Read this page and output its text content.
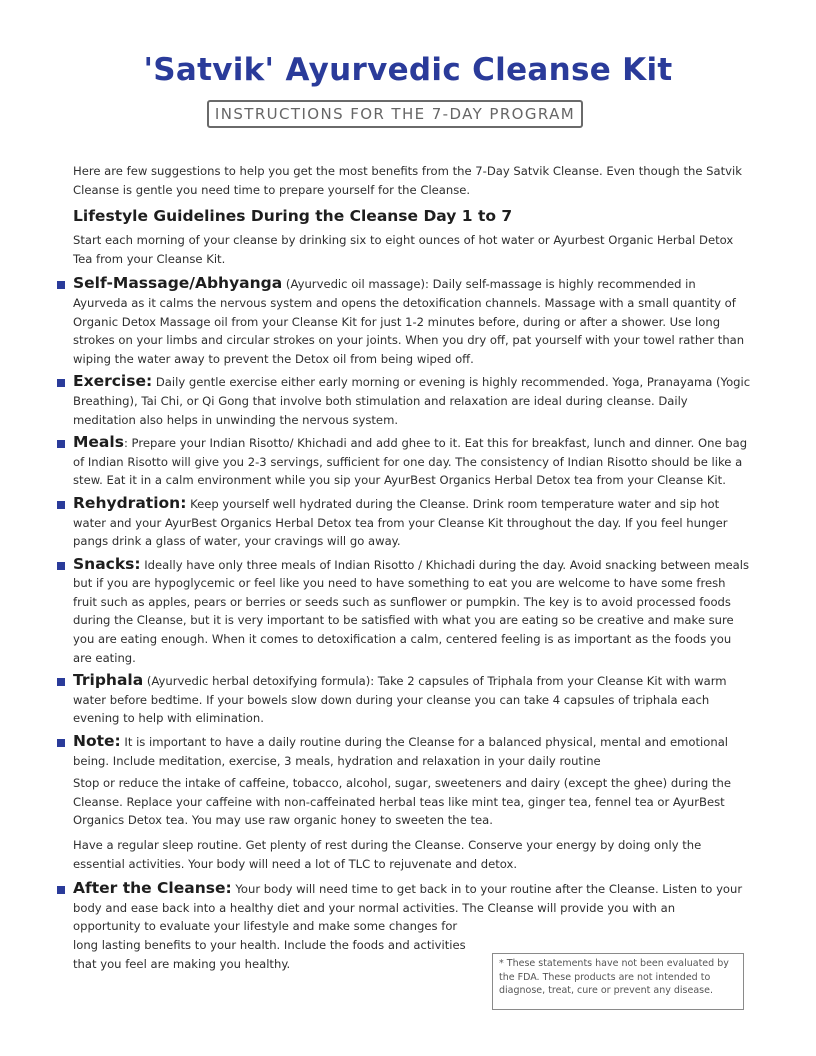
'Satvik' Ayurvedic Cleanse Kit
INSTRUCTIONS FOR THE 7-DAY PROGRAM

Here are few suggestions to help you get the most benefits from the 7-Day Satvik Cleanse. Even though the Satvik Cleanse is gentle you need time to prepare yourself for the Cleanse.

Lifestyle Guidelines During the Cleanse Day 1 to 7

Start each morning of your cleanse by drinking six to eight ounces of hot water or Ayurbest Organic Herbal Detox Tea from your Cleanse Kit.

Self-Massage/Abhyanga (Ayurvedic oil massage): Daily self-massage is highly recommended in Ayurveda as it calms the nervous system and opens the detoxification channels. Massage with a small quantity of Organic Detox Massage oil from your Cleanse Kit for just 1-2 minutes before, during or after a shower. Use long strokes on your limbs and circular strokes on your joints. When you dry off, pat yourself with your towel rather than wiping the water away to prevent the Detox oil from being wiped off.
Exercise: Daily gentle exercise either early morning or evening is highly recommended. Yoga, Pranayama (Yogic Breathing), Tai Chi, or Qi Gong that involve both stimulation and relaxation are ideal during cleanse. Daily meditation also helps in unwinding the nervous system.
Meals: Prepare your Indian Risotto/ Khichadi and add ghee to it. Eat this for breakfast, lunch and dinner. One bag of Indian Risotto will give you 2-3 servings, sufficient for one day. The consistency of Indian Risotto should be like a stew. Eat it in a calm environment while you sip your AyurBest Organics Herbal Detox tea from your Cleanse Kit.
Rehydration: Keep yourself well hydrated during the Cleanse. Drink room temperature water and sip hot water and your AyurBest Organics Herbal Detox tea from your Cleanse Kit throughout the day. If you feel hunger pangs drink a glass of water, your cravings will go away.
Snacks: Ideally have only three meals of Indian Risotto / Khichadi during the day. Avoid snacking between meals but if you are hypoglycemic or feel like you need to have something to eat you are welcome to have some fresh fruit such as apples, pears or berries or seeds such as sunflower or pumpkin. The key is to avoid processed foods during the Cleanse, but it is very important to be satisfied with what you are eating so be creative and make sure you are eating enough. When it comes to detoxification a calm, centered feeling is as important as the foods you are eating.
Triphala (Ayurvedic herbal detoxifying formula): Take 2 capsules of Triphala from your Cleanse Kit with warm water before bedtime. If your bowels slow down during your cleanse you can take 4 capsules of triphala each evening to help with elimination.
Note: It is important to have a daily routine during the Cleanse for a balanced physical, mental and emotional being. Include meditation, exercise, 3 meals, hydration and relaxation in your daily routine

Stop or reduce the intake of caffeine, tobacco, alcohol, sugar, sweeteners and dairy (except the ghee) during the Cleanse. Replace your caffeine with non-caffeinated herbal teas like mint tea, ginger tea, fennel tea or AyurBest Organics Detox tea. You may use raw organic honey to sweeten the tea.

Have a regular sleep routine. Get plenty of rest during the Cleanse. Conserve your energy by doing only the essential activities. Your body will need a lot of TLC to rejuvenate and detox.

After the Cleanse: Your body will need time to get back in to your routine after the Cleanse. Listen to your body and ease back into a healthy diet and your normal activities. The Cleanse will provide you with an
opportunity to evaluate your lifestyle and make some changes for long lasting benefits to your health. Include the foods and activities that you feel are making you healthy.	* These statements have not been evaluated by the FDA. These products are not intended to diagnose, treat, cure or prevent any disease.
